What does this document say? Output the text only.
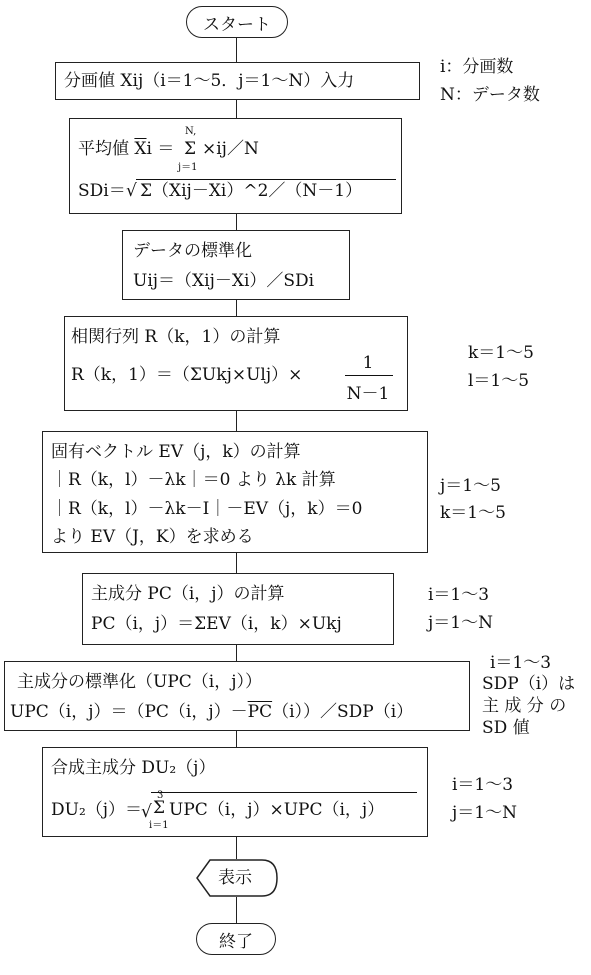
スタート
分画値 Xij（i＝1〜5．j＝1〜N）入力
i：分画数
N：データ数
平均値 $\overline{X}i$ ＝
N,
Σ
j＝1
×ij／N
SDi＝ √ Σ（Xij－Xi）^2／（N－1）
データの標準化
Uij＝（Xij－Xi）／SDi
相関行列 R（k，1）の計算
R（k，1）＝（ΣUkj×Ulj）×
1
N－1
k＝1〜5
l＝1〜5
固有ベクトル EV（j，k）の計算
｜R（k，l）－λk｜＝0 より λk 計算
｜R（k，l）－λk－I｜－EV（j，k）＝0
より EV（J，K）を求める
j＝1〜5
k＝1〜5
主成分 PC（i，j）の計算
PC（i，j）＝ΣEV（i，k）×Ukj
i＝1〜3
j＝1〜N
主成分の標準化（UPC（i，j））
UPC（i，j）＝（PC（i，$j)-\overline{PC}(i))/SDP(i)$
i＝1〜3
SDP（i）は
主 成 分 の
SD 値
合成主成分 DU₂（j）
DU₂（j）＝
√
3
Σ
i＝1
UPC（i，j）×UPC（i，j）
i＝1〜3
j＝1〜N
表示
終了
